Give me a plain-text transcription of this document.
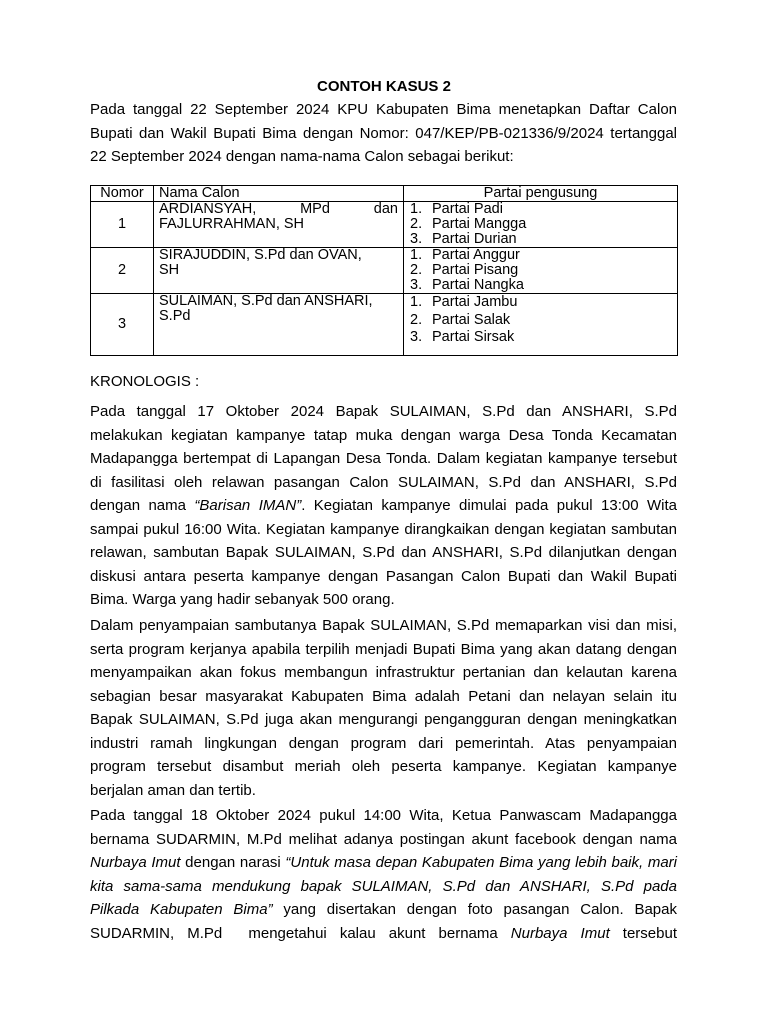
CONTOH KASUS 2

Pada tanggal 22 September 2024 KPU Kabupaten Bima menetapkan Daftar Calon
Bupati dan Wakil Bupati Bima dengan Nomor: 047/KEP/PB-021336/9/2024 tertanggal
22 September 2024 dengan nama-nama Calon sebagai berikut:

Nomor	Nama Calon	Partai pengusung
1	ARDIANSYAH,        MPd        dan
FAJLURRAHMAN, SH	1. Partai Padi
2. Partai Mangga
3. Partai Durian

2	SIRAJUDDIN, S.Pd dan OVAN,
SH	1. Partai Anggur
2. Partai Pisang
3. Partai Nangka

3	SULAIMAN, S.Pd dan ANSHARI,
S.Pd	1. Partai Jambu
2. Partai Salak
3. Partai Sirsak
KRONOLOGIS :

Pada tanggal 17 Oktober 2024 Bapak SULAIMAN, S.Pd dan ANSHARI, S.Pd
melakukan kegiatan kampanye tatap muka dengan warga Desa Tonda Kecamatan
Madapangga bertempat di Lapangan Desa Tonda. Dalam kegiatan kampanye tersebut
di fasilitasi oleh relawan pasangan Calon SULAIMAN, S.Pd dan ANSHARI, S.Pd
dengan nama “Barisan IMAN”. Kegiatan kampanye dimulai pada pukul 13:00 Wita
sampai pukul 16:00 Wita. Kegiatan kampanye dirangkaikan dengan kegiatan sambutan
relawan, sambutan Bapak SULAIMAN, S.Pd dan ANSHARI, S.Pd dilanjutkan dengan
diskusi antara peserta kampanye dengan Pasangan Calon Bupati dan Wakil Bupati
Bima. Warga yang hadir sebanyak 500 orang.

Dalam penyampaian sambutanya Bapak SULAIMAN, S.Pd memaparkan visi dan misi,
serta program kerjanya apabila terpilih menjadi Bupati Bima yang akan datang dengan
menyampaikan akan fokus membangun infrastruktur pertanian dan kelautan karena
sebagian besar masyarakat Kabupaten Bima adalah Petani dan nelayan selain itu
Bapak SULAIMAN, S.Pd juga akan mengurangi pengangguran dengan meningkatkan
industri ramah lingkungan dengan program dari pemerintah. Atas penyampaian
program tersebut disambut meriah oleh peserta kampanye. Kegiatan kampanye
berjalan aman dan tertib.

Pada tanggal 18 Oktober 2024 pukul 14:00 Wita, Ketua Panwascam Madapangga
bernama SUDARMIN, M.Pd melihat adanya postingan akunt facebook dengan nama
Nurbaya Imut dengan narasi “Untuk masa depan Kabupaten Bima yang lebih baik, mari
kita sama-sama mendukung bapak SULAIMAN, S.Pd dan ANSHARI, S.Pd pada
Pilkada Kabupaten Bima” yang disertakan dengan foto pasangan Calon. Bapak
SUDARMIN, M.Pd  mengetahui kalau akunt bernama Nurbaya Imut tersebut
